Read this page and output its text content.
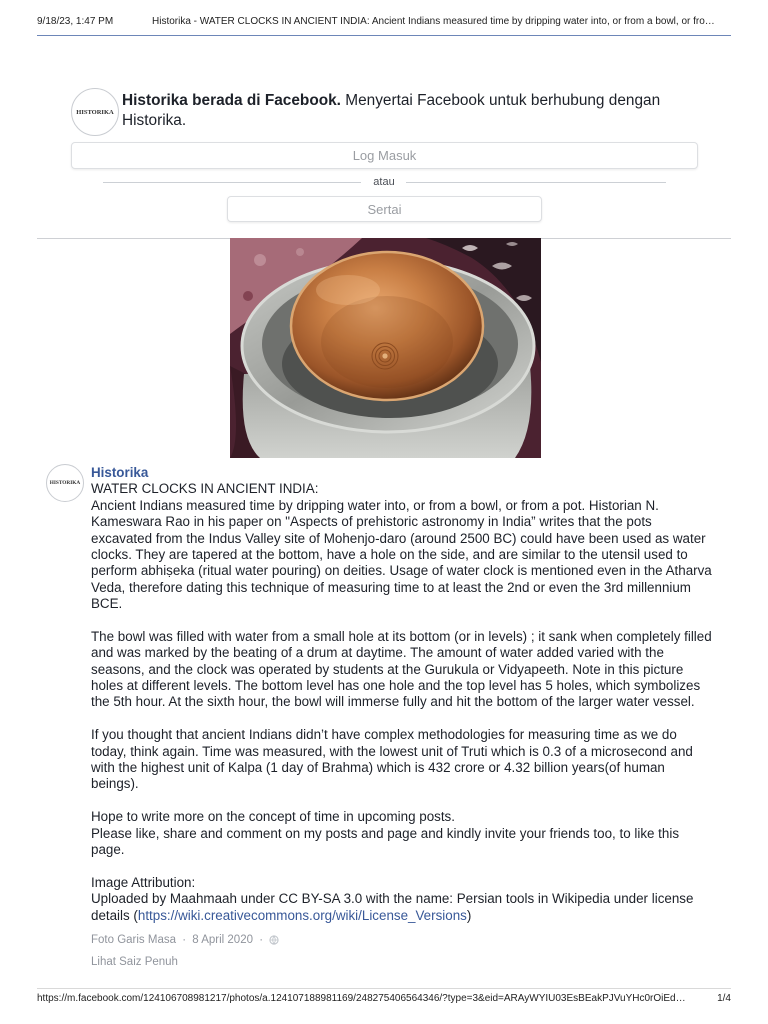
9/18/23, 1:47 PM	Historika - WATER CLOCKS IN ANCIENT INDIA: Ancient Indians measured time by dripping water into, or from a bowl, or fro…
HISTORIKA
Historika berada di Facebook. Menyertai Facebook untuk berhubung dengan Historika.
Log Masuk
atau
Sertai
HISTORIKA
Historika
WATER CLOCKS IN ANCIENT INDIA:
Ancient Indians measured time by dripping water into, or from a bowl, or from a pot. Historian N.
Kameswara Rao in his paper on "Aspects of prehistoric astronomy in India” writes that the pots
excavated from the Indus Valley site of Mohenjo-daro (around 2500 BC) could have been used as water
clocks. They are tapered at the bottom, have a hole on the side, and are similar to the utensil used to
perform abhiṣeka (ritual water pouring) on deities. Usage of water clock is mentioned even in the Atharva
Veda, therefore dating this technique of measuring time to at least the 2nd or even the 3rd millennium
BCE.
The bowl was filled with water from a small hole at its bottom (or in levels) ; it sank when completely filled
and was marked by the beating of a drum at daytime. The amount of water added varied with the
seasons, and the clock was operated by students at the Gurukula or Vidyapeeth. Note in this picture
holes at different levels. The bottom level has one hole and the top level has 5 holes, which symbolizes
the 5th hour. At the sixth hour, the bowl will immerse fully and hit the bottom of the larger water vessel.
If you thought that ancient Indians didn’t have complex methodologies for measuring time as we do
today, think again. Time was measured, with the lowest unit of Truti which is 0.3 of a microsecond and
with the highest unit of Kalpa (1 day of Brahma) which is 432 crore or 4.32 billion years(of human
beings).
Hope to write more on the concept of time in upcoming posts.
Please like, share and comment on my posts and page and kindly invite your friends too, to like this
page.
Image Attribution:
Uploaded by Maahmaah under CC BY-SA 3.0 with the name: Persian tools in Wikipedia under license
details (https://wiki.creativecommons.org/wiki/License_Versions)
Foto Garis Masa · 8 April 2020 ·
Lihat Saiz Penuh
https://m.facebook.com/124106708981217/photos/a.124107188981169/248275406564346/?type=3&eid=ARAyWYIU03EsBEakPJVuYHc0rOiEd…	1/4
